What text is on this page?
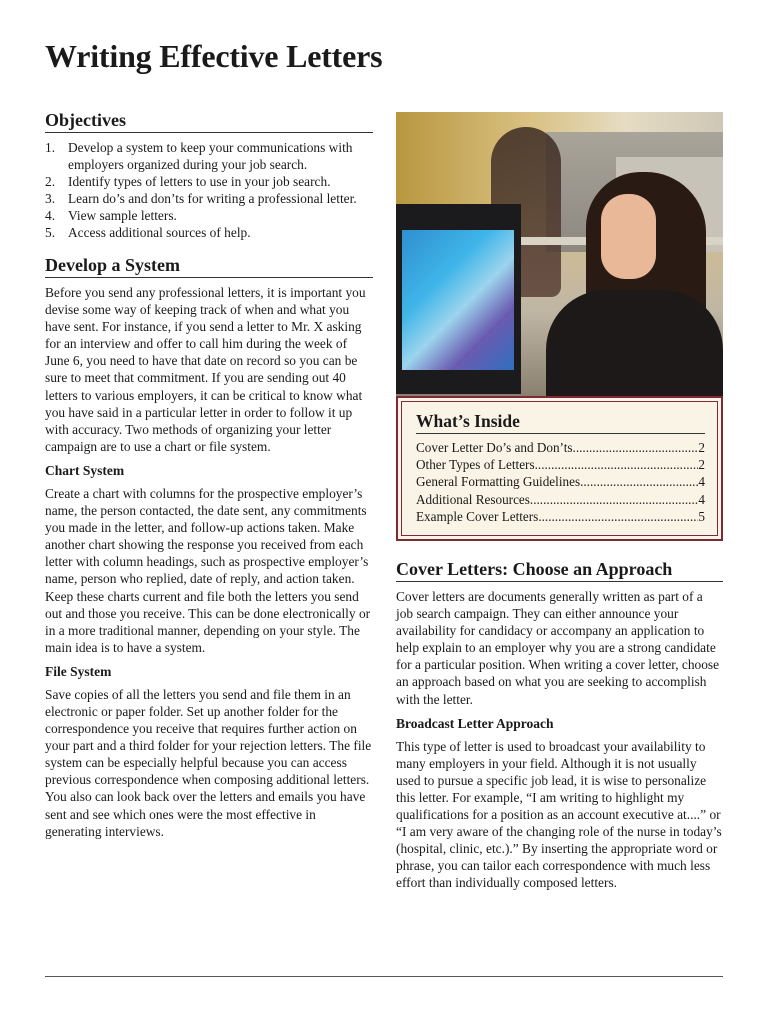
Writing Effective Letters
Objectives
1. Develop a system to keep your communications with employers organized during your job search.
2. Identify types of letters to use in your job search.
3. Learn do’s and don’ts for writing a professional letter.
4. View sample letters.
5. Access additional sources of help.
Develop a System

Before you send any professional letters, it is important you devise some way of keeping track of when and what you have sent. For instance, if you send a letter to Mr. X asking for an interview and offer to call him during the week of June 6, you need to have that date on record so you can be sure to meet that commitment. If you are sending out 40 letters to various employers, it can be critical to know what you have said in a particular letter in order to follow it up with accuracy. Two methods of organizing your letter campaign are to use a chart or file system.

Chart System

Create a chart with columns for the prospective employer’s name, the person contacted, the date sent, any commitments you made in the letter, and follow-up actions taken. Make another chart showing the response you received from each letter with column headings, such as prospective employer’s name, person who replied, date of reply, and action taken. Keep these charts current and file both the letters you send out and those you receive. This can be done electronically or in a more traditional manner, depending on your style. The main idea is to have a system.

File System

Save copies of all the letters you send and file them in an electronic or paper folder. Set up another folder for the correspondence you receive that requires further action on your part and a third folder for your rejection letters. The file system can be especially helpful because you can access previous correspondence when composing additional letters. You also can look back over the letters and emails you have sent and see which ones were the most effective in generating interviews.

What’s Inside
Cover Letter Do’s and Don’ts .....	2
Other Types of Letters .....	2
General Formatting Guidelines .....	4
Additional Resources .....	4
Example Cover Letters .....	5
Cover Letters: Choose an Approach

Cover letters are documents generally written as part of a job search campaign. They can either announce your availability for candidacy or accompany an application to help explain to an employer why you are a strong candidate for a particular position. When writing a cover letter, choose an approach based on what you are seeking to accomplish with the letter.

Broadcast Letter Approach

This type of letter is used to broadcast your availability to many employers in your field. Although it is not usually used to pursue a specific job lead, it is wise to personalize this letter. For example, “I am writing to highlight my qualifications for a position as an account executive at....” or “I am very aware of the changing role of the nurse in today’s (hospital, clinic, etc.).” By inserting the appropriate word or phrase, you can tailor each correspondence with much less effort than individually composed letters.
